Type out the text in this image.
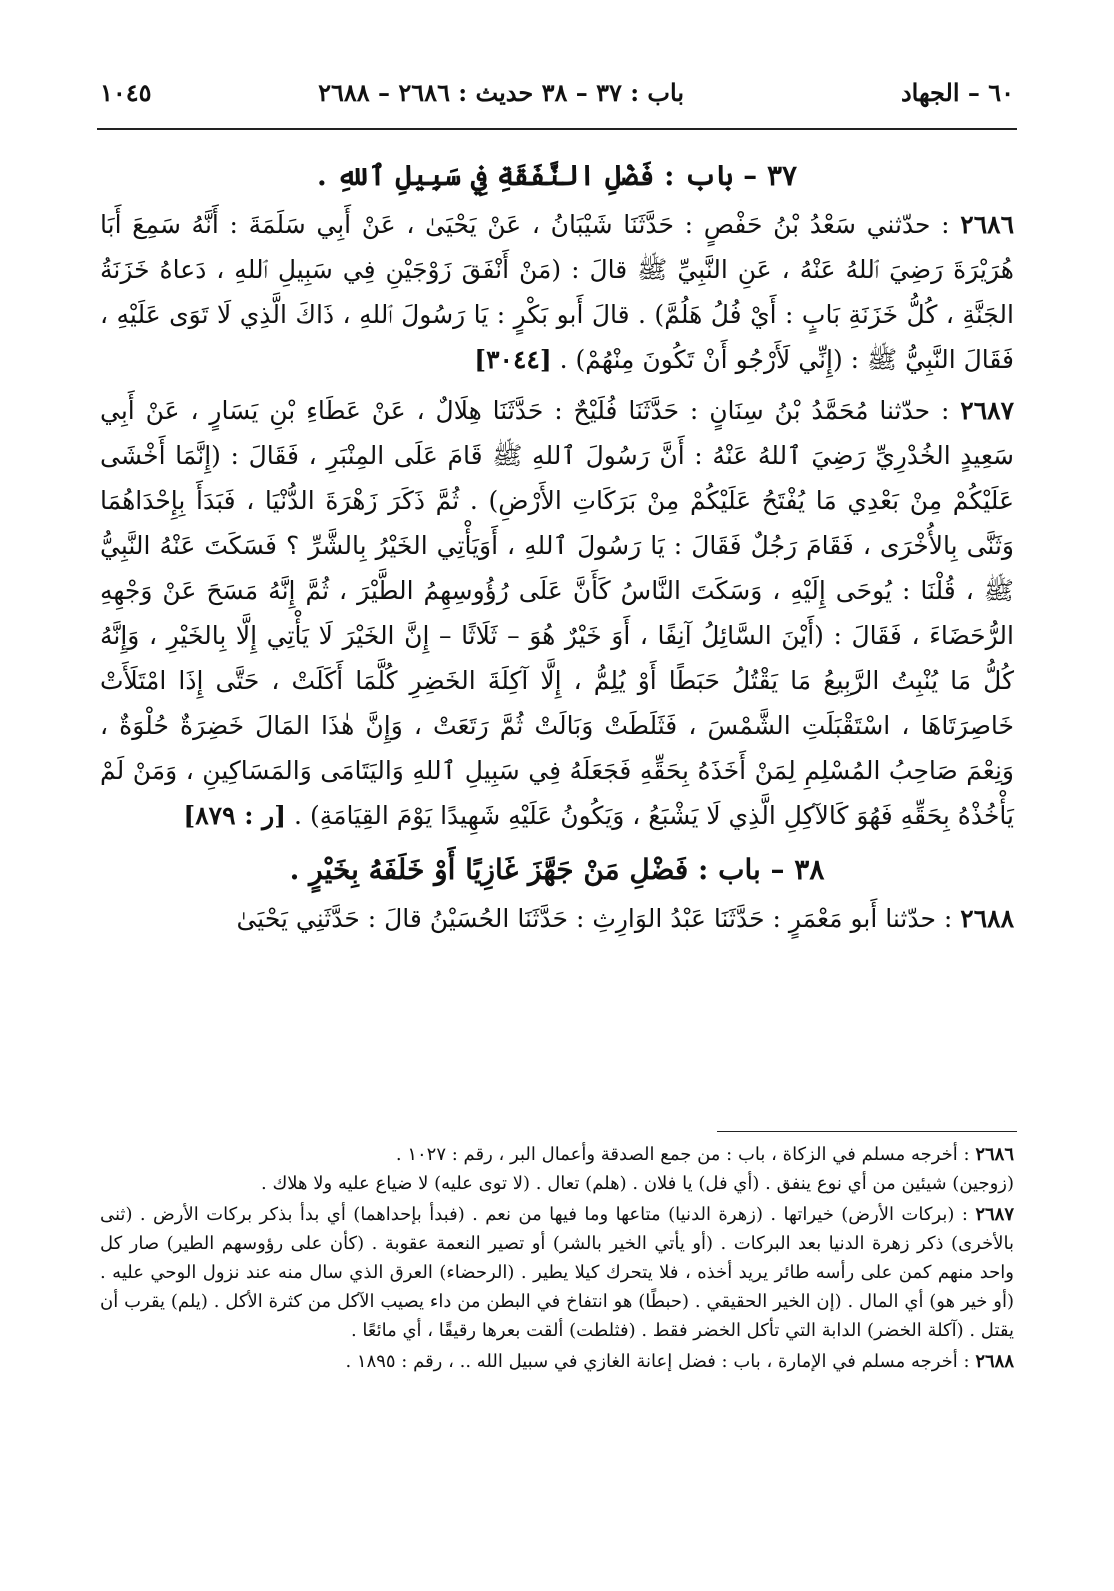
٦٠ – الجهاد
باب : ٣٧ – ٣٨ حديث : ٢٦٨٦ – ٢٦٨٨
١٠٤٥

٣٧ – باب : فَضْلِ النَّفَقَةِ فِي سَبِيلِ ٱللهِ .

٢٦٨٦ : حدّثني سَعْدُ بْنُ حَفْصٍ : حَدَّثَنَا شَيْبَانُ ، عَنْ يَحْيَىٰ ، عَنْ أَبِي سَلَمَةَ : أَنَّهُ سَمِعَ أَبَا هُرَيْرَةَ رَضِيَ ٱللهُ عَنْهُ ، عَنِ النَّبِيِّ ﷺ قالَ : (مَنْ أَنْفَقَ زَوْجَيْنِ فِي سَبِيلِ ٱللهِ ، دَعاهُ خَزَنَةُ الجَنَّةِ ، كُلُّ خَزَنَةِ بَابٍ : أَيْ فُلُ هَلُمَّ) . قالَ أَبو بَكْرٍ : يَا رَسُولَ ٱللهِ ، ذَاكَ الَّذِي لَا تَوَى عَلَيْهِ ، فَقَالَ النَّبِيُّ ﷺ : (إِنِّي لَأَرْجُو أَنْ تَكُونَ مِنْهُمْ) . [٣٠٤٤]

٢٦٨٧ : حدّثنا مُحَمَّدُ بْنُ سِنَانٍ : حَدَّثَنَا فُلَيْحٌ : حَدَّثَنَا هِلَالٌ ، عَنْ عَطَاءِ بْنِ يَسَارٍ ، عَنْ أَبِي سَعِيدٍ الخُدْرِيِّ رَضِيَ ٱللهُ عَنْهُ : أَنَّ رَسُولَ ٱللهِ ﷺ قَامَ عَلَى المِنْبَرِ ، فَقَالَ : (إِنَّمَا أَخْشَى عَلَيْكُمْ مِنْ بَعْدِي مَا يُفْتَحُ عَلَيْكُمْ مِنْ بَرَكَاتِ الأَرْضِ) . ثُمَّ ذَكَرَ زَهْرَةَ الدُّنْيَا ، فَبَدَأَ بِإِحْدَاهُمَا وَثَنَّى بِالأُخْرَى ، فَقَامَ رَجُلٌ فَقَالَ : يَا رَسُولَ ٱللهِ ، أَوَيَأْتِي الخَيْرُ بِالشَّرِّ ؟ فَسَكَتَ عَنْهُ النَّبِيُّ ﷺ ، قُلْنَا : يُوحَى إِلَيْهِ ، وَسَكَتَ النَّاسُ كَأَنَّ عَلَى رُؤُوسِهِمُ الطَّيْرَ ، ثُمَّ إِنَّهُ مَسَحَ عَنْ وَجْهِهِ الرُّحَضَاءَ ، فَقَالَ : (أَيْنَ السَّائِلُ آنِفًا ، أَوَ خَيْرٌ هُوَ – ثَلَاثًا – إِنَّ الخَيْرَ لَا يَأْتِي إِلَّا بِالخَيْرِ ، وَإِنَّهُ كُلُّ مَا يُنْبِتُ الرَّبِيعُ مَا يَقْتُلُ حَبَطًا أَوْ يُلِمُّ ، إِلَّا آكِلَةَ الخَضِرِ كُلَّمَا أَكَلَتْ ، حَتَّى إِذَا امْتَلَأَتْ خَاصِرَتَاهَا ، اسْتَقْبَلَتِ الشَّمْسَ ، فَثَلَطَتْ وَبَالَتْ ثُمَّ رَتَعَتْ ، وَإِنَّ هٰذَا المَالَ خَضِرَةٌ حُلْوَةٌ ، وَنِعْمَ صَاحِبُ المُسْلِمِ لِمَنْ أَخَذَهُ بِحَقِّهِ فَجَعَلَهُ فِي سَبِيلِ ٱللهِ وَاليَتَامَى وَالمَسَاكِينِ ، وَمَنْ لَمْ يَأْخُذْهُ بِحَقِّهِ فَهُوَ كَالآكِلِ الَّذِي لَا يَشْبَعُ ، وَيَكُونُ عَلَيْهِ شَهِيدًا يَوْمَ القِيَامَةِ) . [ر : ٨٧٩]

٣٨ – باب : فَضْلِ مَنْ جَهَّزَ غَازِيًا أَوْ خَلَفَهُ بِخَيْرٍ .

٢٦٨٨ : حدّثنا أَبو مَعْمَرٍ : حَدَّثَنَا عَبْدُ الوَارِثِ : حَدَّثَنَا الحُسَيْنُ قالَ : حَدَّثَنِي يَحْيَىٰ

٢٦٨٦ : أخرجه مسلم في الزكاة ، باب : من جمع الصدقة وأعمال البر ، رقم : ١٠٢٧ .
(زوجين) شيئين من أي نوع ينفق . (أي فل) يا فلان . (هلم) تعال . (لا توى عليه) لا ضياع عليه ولا هلاك .

٢٦٨٧ : (بركات الأرض) خيراتها . (زهرة الدنيا) متاعها وما فيها من نعم . (فبدأ بإحداهما) أي بدأ بذكر بركات الأرض . (ثنى بالأخرى) ذكر زهرة الدنيا بعد البركات . (أو يأتي الخير بالشر) أو تصير النعمة عقوبة . (كأن على رؤوسهم الطير) صار كل واحد منهم كمن على رأسه طائر يريد أخذه ، فلا يتحرك كيلا يطير . (الرحضاء) العرق الذي سال منه عند نزول الوحي عليه . (أو خير هو) أي المال . (إن الخير الحقيقي . (حبطًا) هو انتفاخ في البطن من داء يصيب الآكل من كثرة الأكل . (يلم) يقرب أن يقتل . (آكلة الخضر) الدابة التي تأكل الخضر فقط . (فثلطت) ألقت بعرها رقيقًا ، أي مائعًا .

٢٦٨٨ : أخرجه مسلم في الإمارة ، باب : فضل إعانة الغازي في سبيل الله .. ، رقم : ١٨٩٥ .
